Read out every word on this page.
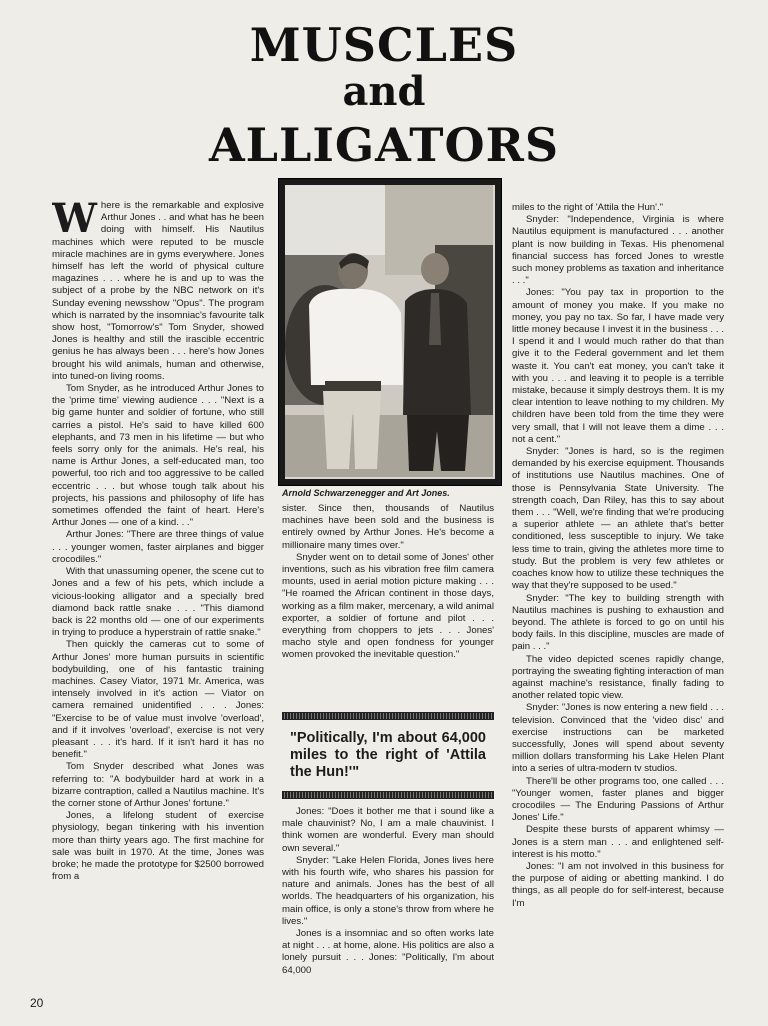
MUSCLES
and
ALLIGATORS

Where is the remarkable and explosive Arthur Jones . . and what has he been doing with himself. His Nautilus machines which were reputed to be muscle miracle machines are in gyms everywhere. Jones himself has left the world of physical culture magazines . . . where he is and up to was the subject of a probe by the NBC network on it's Sunday evening newsshow "Opus". The program which is narrated by the insomniac's favourite talk show host, "Tomorrow's" Tom Snyder, showed Jones is healthy and still the irascible eccentric genius he has always been . . . here's how Jones brought his wild animals, human and otherwise, into tuned-on living rooms.

Tom Snyder, as he introduced Arthur Jones to the 'prime time' viewing audience . . . "Next is a big game hunter and soldier of fortune, who still carries a pistol. He's said to have killed 600 elephants, and 73 men in his lifetime — but who feels sorry only for the animals. He's real, his name is Arthur Jones, a self-educated man, too powerful, too rich and too aggressive to be called eccentric . . . but whose tough talk about his projects, his passions and philosophy of life has sometimes offended the faint of heart. Here's Arthur Jones — one of a kind. . ."

Arthur Jones: "There are three things of value . . . younger women, faster airplanes and bigger crocodiles."

With that unassuming opener, the scene cut to Jones and a few of his pets, which include a vicious-looking alligator and a specially bred diamond back rattle snake . . . "This diamond back is 22 months old — one of our experiments in trying to produce a hyperstrain of rattle snake."

Then quickly the cameras cut to some of Arthur Jones' more human pursuits in scientific bodybuilding, one of his fantastic training machines. Casey Viator, 1971 Mr. America, was intensely involved in it's action — Viator on camera remained unidentified . . . Jones: "Exercise to be of value must involve 'overload', and if it involves 'overload', exercise is not very pleasant . . . it's hard. If it isn't hard it has no benefit."

Tom Snyder described what Jones was referring to: "A bodybuilder hard at work in a bizarre contraption, called a Nautilus machine. It's the corner stone of Arthur Jones' fortune."

Jones, a lifelong student of exercise physiology, began tinkering with his invention more than thirty years ago. The first machine for sale was built in 1970. At the time, Jones was broke; he made the prototype for $2500 borrowed from a

Arnold Schwarzenegger and Art Jones.

sister. Since then, thousands of Nautilus machines have been sold and the business is entirely owned by Arthur Jones. He's become a millionaire many times over."

Snyder went on to detail some of Jones' other inventions, such as his vibration free film camera mounts, used in aerial motion picture making . . . "He roamed the African continent in those days, working as a film maker, mercenary, a wild animal exporter, a soldier of fortune and pilot . . . everything from choppers to jets . . . Jones' macho style and open fondness for younger women provoked the inevitable question."

"Politically, I'm about 64,000 miles to the right of 'Attila the Hun!'"

Jones: "Does it bother me that i sound like a male chauvinist? No, I am a male chauvinist. I think women are wonderful. Every man should own several."

Snyder: "Lake Helen Florida, Jones lives here with his fourth wife, who shares his passion for nature and animals. Jones has the best of all worlds. The headquarters of his organization, his main office, is only a stone's throw from where he lives."

Jones is a insomniac and so often works late at night . . . at home, alone. His politics are also a lonely pursuit . . . Jones: "Politically, I'm about 64,000

miles to the right of 'Attila the Hun'."

Snyder: "Independence, Virginia is where Nautilus equipment is manufactured . . . another plant is now building in Texas. His phenomenal financial success has forced Jones to wrestle such money problems as taxation and inheritance . . ."

Jones: "You pay tax in proportion to the amount of money you make. If you make no money, you pay no tax. So far, I have made very little money because I invest it in the business . . . I spend it and I would much rather do that than give it to the Federal government and let them waste it. You can't eat money, you can't take it with you . . . and leaving it to people is a terrible mistake, because it simply destroys them. It is my clear intention to leave nothing to my children. My children have been told from the time they were very small, that I will not leave them a dime . . . not a cent."

Snyder: "Jones is hard, so is the regimen demanded by his exercise equipment. Thousands of institutions use Nautilus machines. One of those is Pennsylvania State University. The strength coach, Dan Riley, has this to say about them . . . "Well, we're finding that we're producing a superior athlete — an athlete that's better conditioned, less susceptible to injury. We take less time to train, giving the athletes more time to study. But the problem is very few athletes or coaches know how to utilize these techniques the way that they're supposed to be used."

Snyder: "The key to building strength with Nautilus machines is pushing to exhaustion and beyond. The athlete is forced to go on until his body fails. In this discipline, muscles are made of pain . . ."

The video depicted scenes rapidly change, portraying the sweating fighting interaction of man against machine's resistance, finally fading to another related topic view.

Snyder: "Jones is now entering a new field . . . television. Convinced that the 'video disc' and exercise instructions can be marketed successfully, Jones will spend about seventy million dollars transforming his Lake Helen Plant into a series of ultra-modern tv studios.

There'll be other programs too, one called . . . "Younger women, faster planes and bigger crocodiles — The Enduring Passions of Arthur Jones' Life."

Despite these bursts of apparent whimsy — Jones is a stern man . . . and enlightened self-interest is his motto."

Jones: "I am not involved in this business for the purpose of aiding or abetting mankind. I do things, as all people do for self-interest, because I'm

20
